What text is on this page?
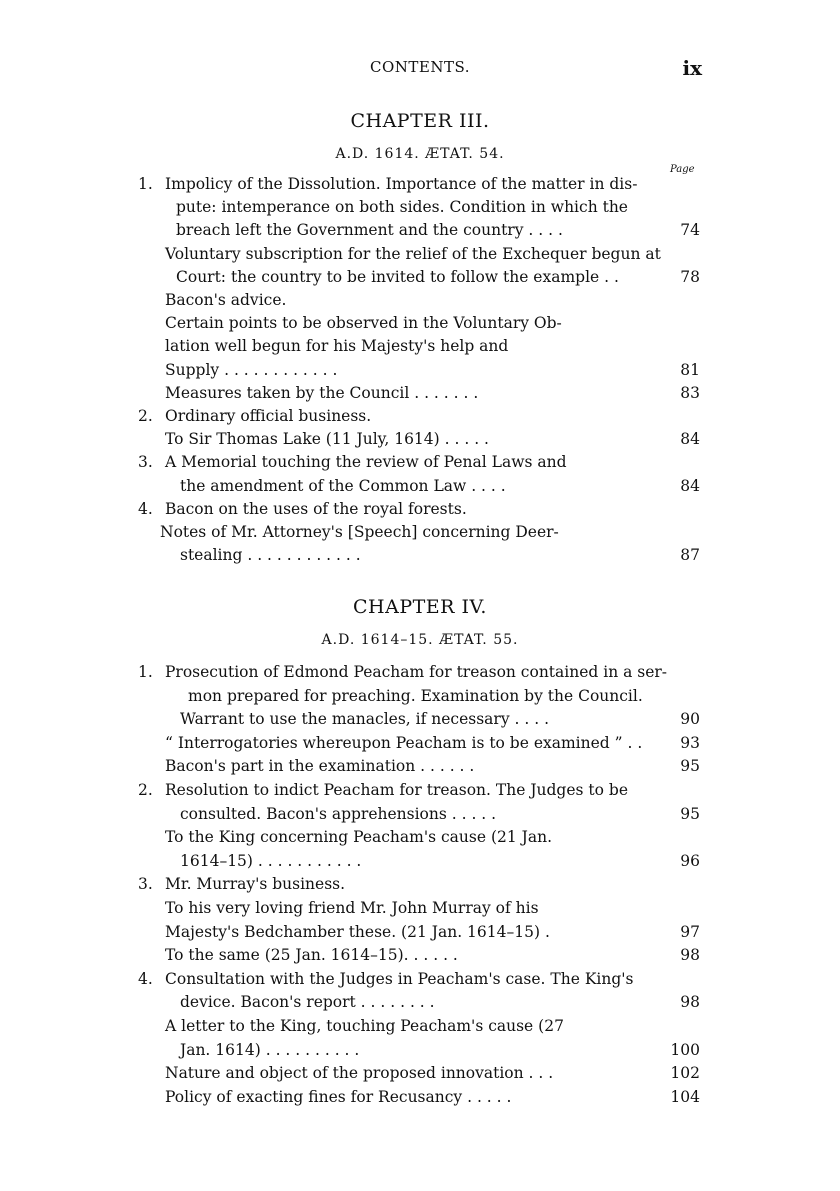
CONTENTS.	ix
CHAPTER III.
A.D. 1614. ÆTAT. 54.
Page
1. Impolicy of the Dissolution. Importance of the matter in dis-
pute: intemperance on both sides. Condition in which the
breach left the Government and the country . . . .	74
Voluntary subscription for the relief of the Exchequer begun at
Court: the country to be invited to follow the example . .	78
Bacon's advice.
Certain points to be observed in the Voluntary Ob-
lation well begun for his Majesty's help and
Supply . . . . . . . . . . . .	81
Measures taken by the Council . . . . . . .	83
2. Ordinary official business.
To Sir Thomas Lake (11 July, 1614) . . . . .	84
3. A Memorial touching the review of Penal Laws and
the amendment of the Common Law . . . .	84
4. Bacon on the uses of the royal forests.
Notes of Mr. Attorney's [Speech] concerning Deer-
stealing . . . . . . . . . . . .	87
CHAPTER IV.
A.D. 1614–15. ÆTAT. 55.
1. Prosecution of Edmond Peacham for treason contained in a ser-
mon prepared for preaching. Examination by the Council.
Warrant to use the manacles, if necessary . . . .	90
“ Interrogatories whereupon Peacham is to be examined ” . . 93
Bacon's part in the examination . . . . . .	95
2. Resolution to indict Peacham for treason. The Judges to be
consulted. Bacon's apprehensions . . . . .	95
To the King concerning Peacham's cause (21 Jan.
1614–15) . . . . . . . . . . .	96
3. Mr. Murray's business.
To his very loving friend Mr. John Murray of his
Majesty's Bedchamber these. (21 Jan. 1614–15) .	97
To the same (25 Jan. 1614–15). . . . . .	98
4. Consultation with the Judges in Peacham's case. The King's
device. Bacon's report . . . . . . . .	98
A letter to the King, touching Peacham's cause (27
Jan. 1614) . . . . . . . . . .	100
Nature and object of the proposed innovation . . .	102
Policy of exacting fines for Recusancy . . . . .	104
